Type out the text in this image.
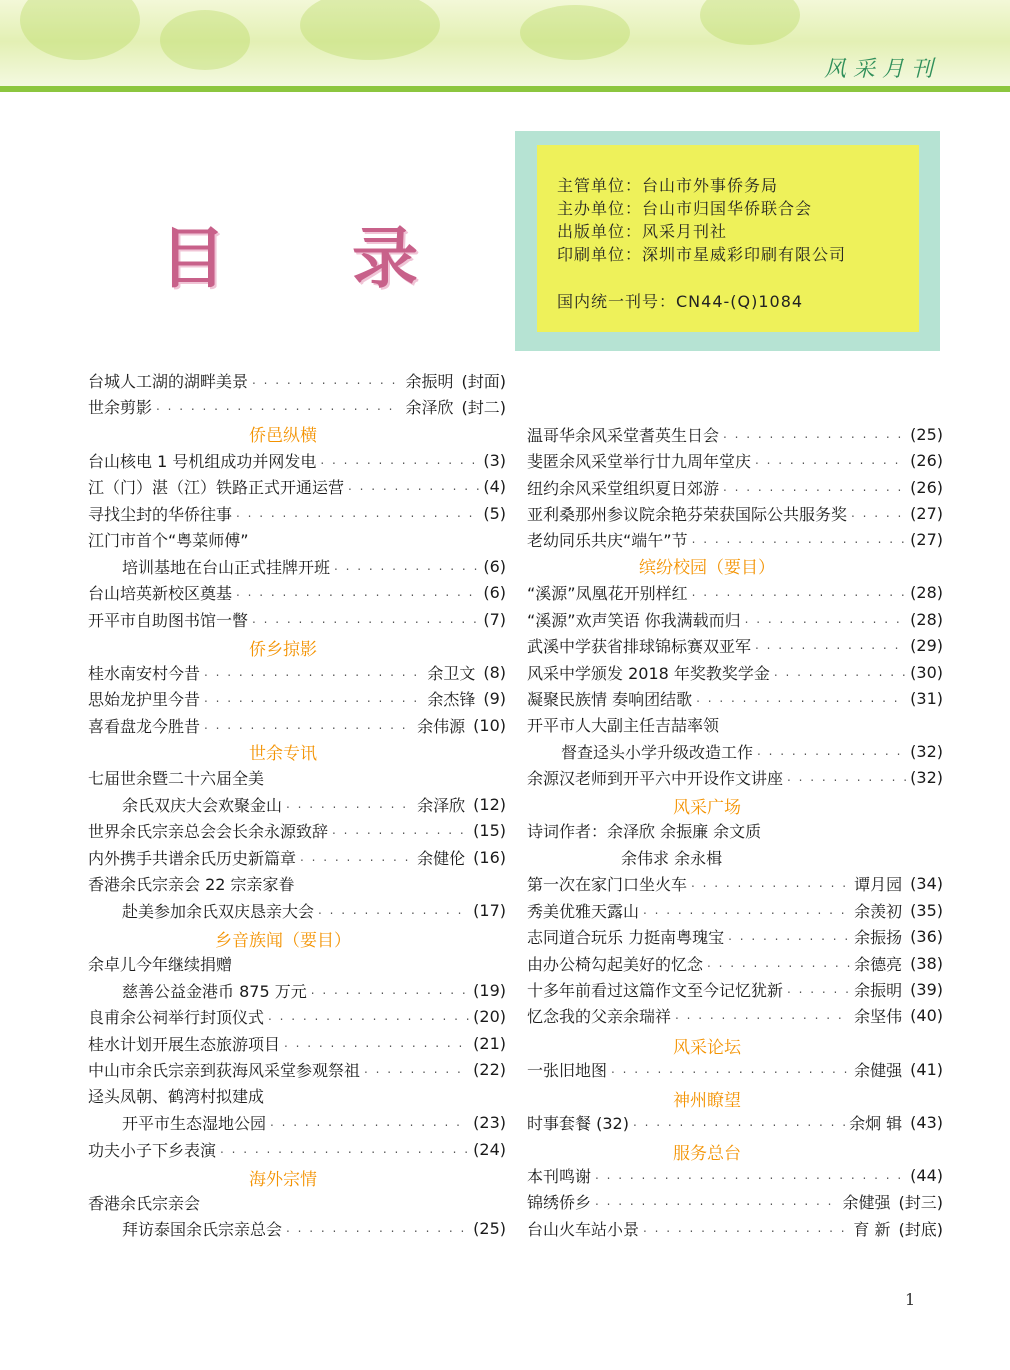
风采月刊
目 录
主管单位：台山市外事侨务局
主办单位：台山市归国华侨联合会
出版单位：风采月刊社
印刷单位：深圳市星威彩印刷有限公司
国内统一刊号：CN44-(Q)1084
台城人工湖的湖畔美景 . . .	余振明 (封面)
世余剪影 . . .	余泽欣 (封二)
侨邑纵横
台山核电 1 号机组成功并网发电 . . .	(3)
江（门）湛（江）铁路正式开通运营 . . .	(4)
寻找尘封的华侨往事 . . .	(5)
江门市首个“粤菜师傅”
培训基地在台山正式挂牌开班 . . .	(6)
台山培英新校区奠基 . . .	(6)
开平市自助图书馆一瞥 . . .	(7)
侨乡掠影
桂水南安村今昔 . . .	余卫文 (8)
思始龙护里今昔 . . .	余杰锋 (9)
喜看盘龙今胜昔 . . .	余伟源 (10)
世余专讯
七届世余暨二十六届全美
余氏双庆大会欢聚金山 . . .	余泽欣 (12)
世界余氏宗亲总会会长余永源致辞 . . .	(15)
内外携手共谱余氏历史新篇章 . . .	余健伦 (16)
香港余氏宗亲会 22 宗亲家眷
赴美参加余氏双庆恳亲大会 . . .	(17)
乡音族闻（要目）
余卓儿今年继续捐赠
慈善公益金港币 875 万元 . . .	(19)
良甫余公祠举行封顶仪式 . . .	(20)
桂水计划开展生态旅游项目 . . .	(21)
中山市余氏宗亲到荻海风采堂参观祭祖 . . .	(22)
迳头凤朝、鹤湾村拟建成
开平市生态湿地公园 . . .	(23)
功夫小子下乡表演 . . .	(24)
海外宗情
香港余氏宗亲会
拜访泰国余氏宗亲总会 . . .	(25)
温哥华余风采堂耆英生日会 . . .	(25)
斐匿余风采堂举行廿九周年堂庆 . . .	(26)
纽约余风采堂组织夏日郊游 . . .	(26)
亚利桑那州参议院余艳芬荣获国际公共服务奖 . . .	(27)
老幼同乐共庆“端午”节 . . .	(27)
缤纷校园（要目）
“溪源”凤凰花开别样红 . . .	(28)
“溪源”欢声笑语 你我满载而归 . . .	(28)
武溪中学获省排球锦标赛双亚军 . . .	(29)
风采中学颁发 2018 年奖教奖学金 . . .	(30)
凝聚民族情 奏响团结歌 . . .	(31)
开平市人大副主任吉喆率领
督查迳头小学升级改造工作 . . .	(32)
余源汉老师到开平六中开设作文讲座 . . .	(32)
风采广场
诗词作者：余泽欣 余振廉 余文质
余伟求 余永楫
第一次在家门口坐火车 . . .	谭月园 (34)
秀美优雅天露山 . . .	余羡初 (35)
志同道合玩乐 力挺南粤瑰宝 . . .	余振扬 (36)
由办公椅勾起美好的忆念 . . .	余德亮 (38)
十多年前看过这篇作文至今记忆犹新 . . .	余振明 (39)
忆念我的父亲余瑞祥 . . .	余坚伟 (40)
风采论坛
一张旧地图 . . .	余健强 (41)
神州瞭望
时事套餐 (32) . . .	余炯 辑 (43)
服务总台
本刊鸣谢 . . .	(44)
锦绣侨乡 . . .	余健强 (封三)
台山火车站小景 . . .	育 新 (封底)
1
